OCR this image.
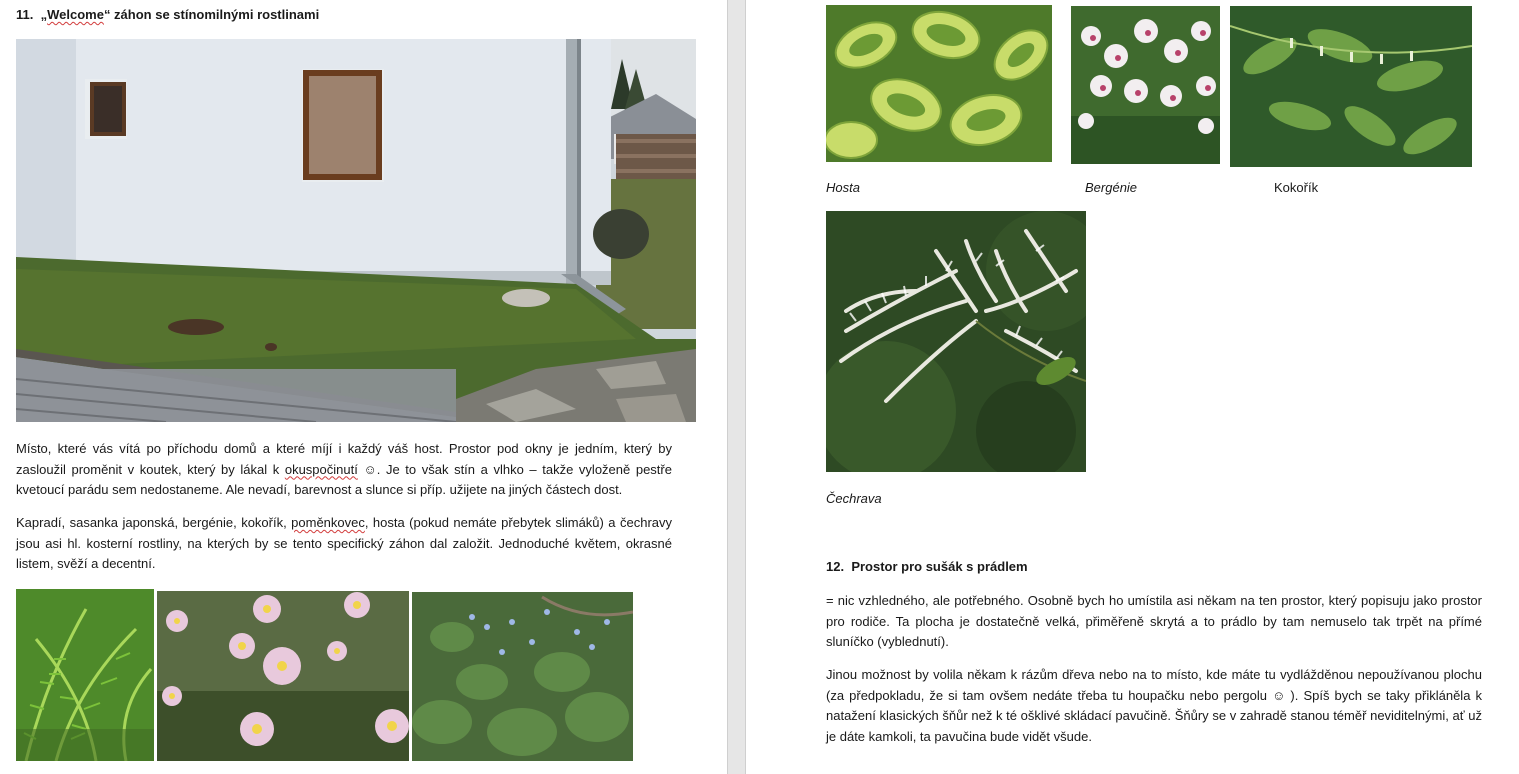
11. „Welcome“ záhon se stínomilnými rostlinami

Místo, které vás vítá po příchodu domů a které míjí i každý váš host. Prostor pod okny je jedním, který by zasloužil proměnit v koutek, který by lákal k okuspočinutí ☺. Je to však stín a vlhko – takže vyloženě pestře kvetoucí parádu sem nedostaneme. Ale nevadí, barevnost a slunce si příp. užijete na jiných částech dost.

Kapradí, sasanka japonská, bergénie, kokořík, poměnkovec, hosta (pokud nemáte přebytek slimáků) a čechravy jsou asi hl. kosterní rostliny, na kterých by se tento specifický záhon dal založit. Jednoduché květem, okrasné listem, svěží a decentní.

Hosta	Bergénie	Kokořík
Čechrava
12. Prostor pro sušák s prádlem

= nic vzhledného, ale potřebného. Osobně bych ho umístila asi někam na ten prostor, který popisuju jako prostor pro rodiče. Ta plocha je dostatečně velká, přiměřeně skrytá a to prádlo by tam nemuselo tak trpět na přímé sluníčko (vyblednutí).

Jinou možnost by volila někam k rázům dřeva nebo na to místo, kde máte tu vydlážděnou nepoužívanou plochu (za předpokladu, že si tam ovšem nedáte třeba tu houpačku nebo pergolu ☺ ). Spíš bych se taky přikláněla k natažení klasických šňůr než k té ošklivé skládací pavučině. Šňůry se v zahradě stanou téměř neviditelnými, ať už je dáte kamkoli, ta pavučina bude vidět všude.
